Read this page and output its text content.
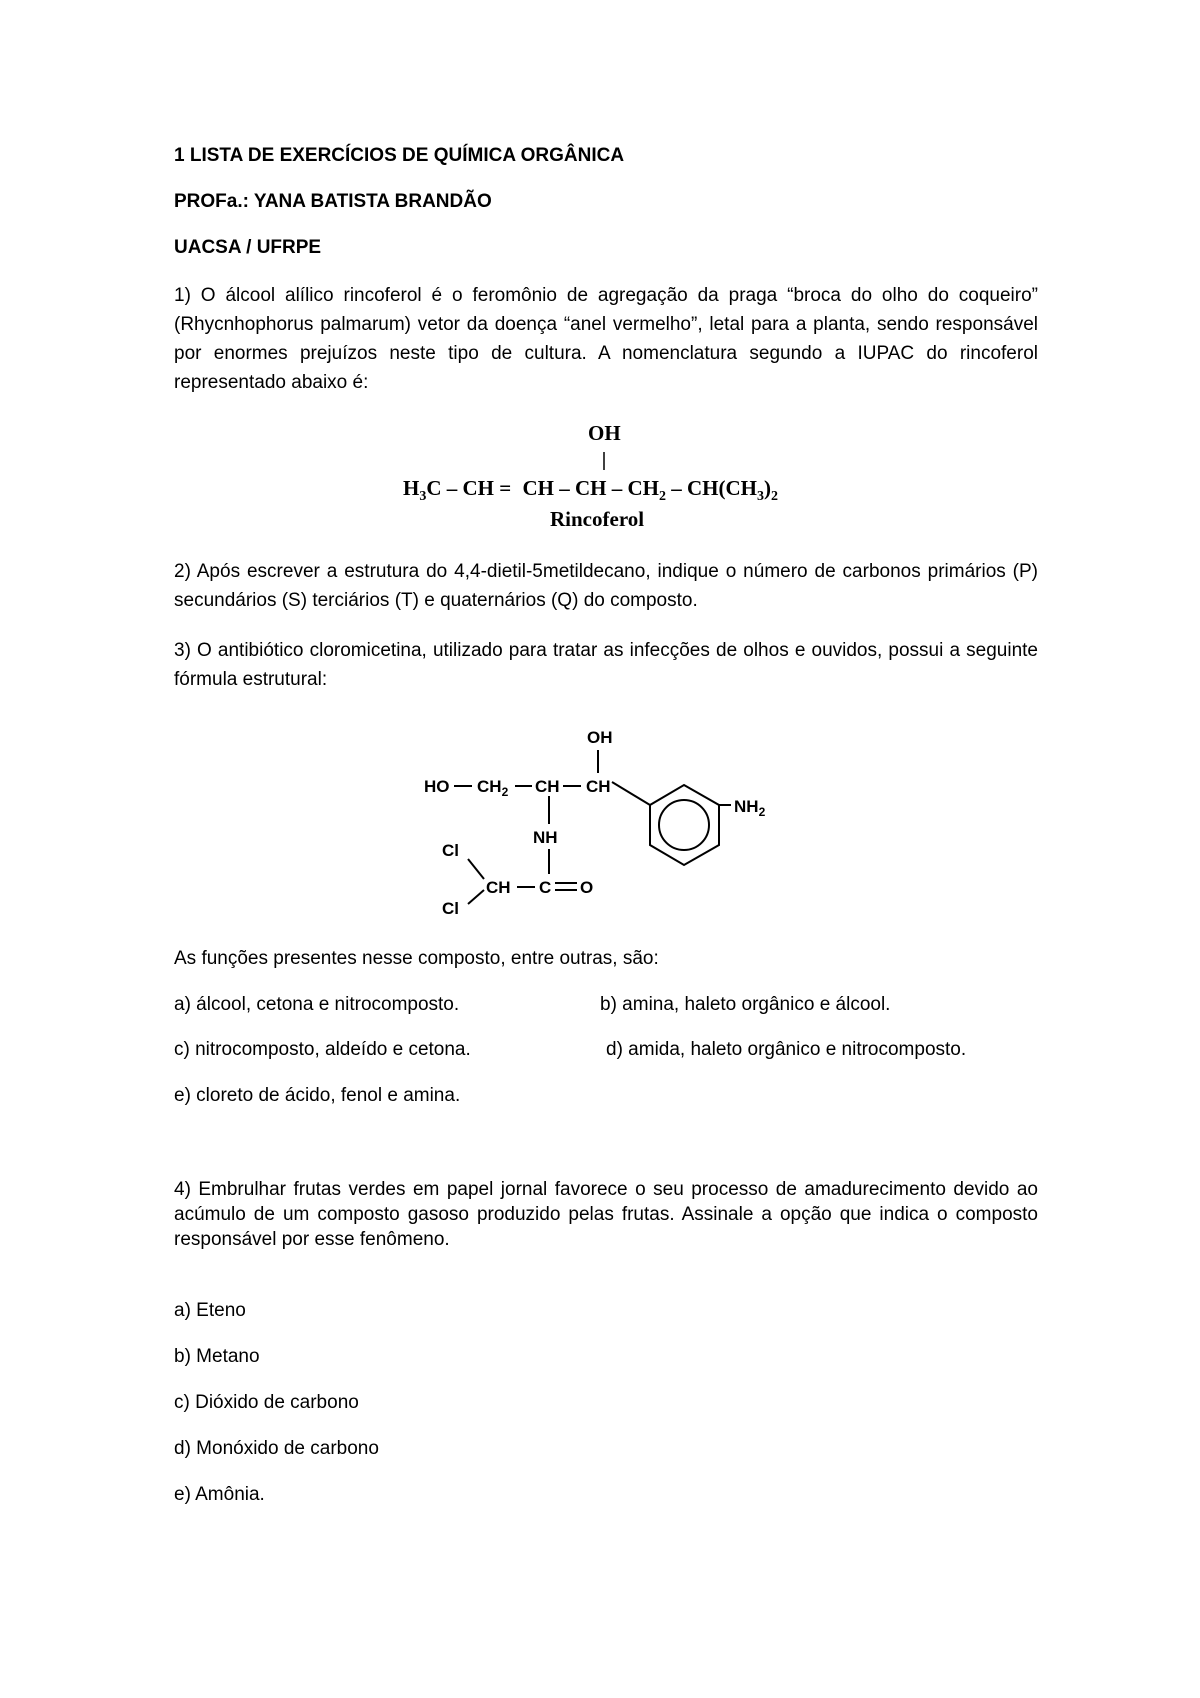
1 LISTA DE EXERCÍCIOS DE QUÍMICA ORGÂNICA

PROFa.: YANA BATISTA BRANDÃO

UACSA / UFRPE

1) O álcool alílico rincoferol é o feromônio de agregação da praga “broca do olho do coqueiro” (Rhycnhophorus palmarum) vetor da doença “anel vermelho”, letal para a planta, sendo responsável por enormes prejuízos neste tipo de cultura. A nomenclatura segundo a IUPAC do rincoferol representado abaixo é:

OH
$H_3C$ – CH = CH – CH – $CH_2 - CH(CH_3)_2$
Rincoferol

2) Após escrever a estrutura do 4,4-dietil-5metildecano, indique o número de carbonos primários (P) secundários (S) terciários (T) e quaternários (Q) do composto.

3) O antibiótico cloromicetina, utilizado para tratar as infecções de olhos e ouvidos, possui a seguinte fórmula estrutural:

OH
HO $CH_2$ CH CH
NH
$NH_2$
Cl
Cl
CH C O

As funções presentes nesse composto, entre outras, são:

a) álcool, cetona e nitrocomposto.	b) amina, haleto orgânico e álcool.

c) nitrocomposto, aldeído e cetona.	d) amida, haleto orgânico e nitrocomposto.

e) cloreto de ácido, fenol e amina.

4) Embrulhar frutas verdes em papel jornal favorece o seu processo de amadurecimento devido ao acúmulo de um composto gasoso produzido pelas frutas. Assinale a opção que indica o composto responsável por esse fenômeno.

a) Eteno

b) Metano

c) Dióxido de carbono

d) Monóxido de carbono

e) Amônia.
